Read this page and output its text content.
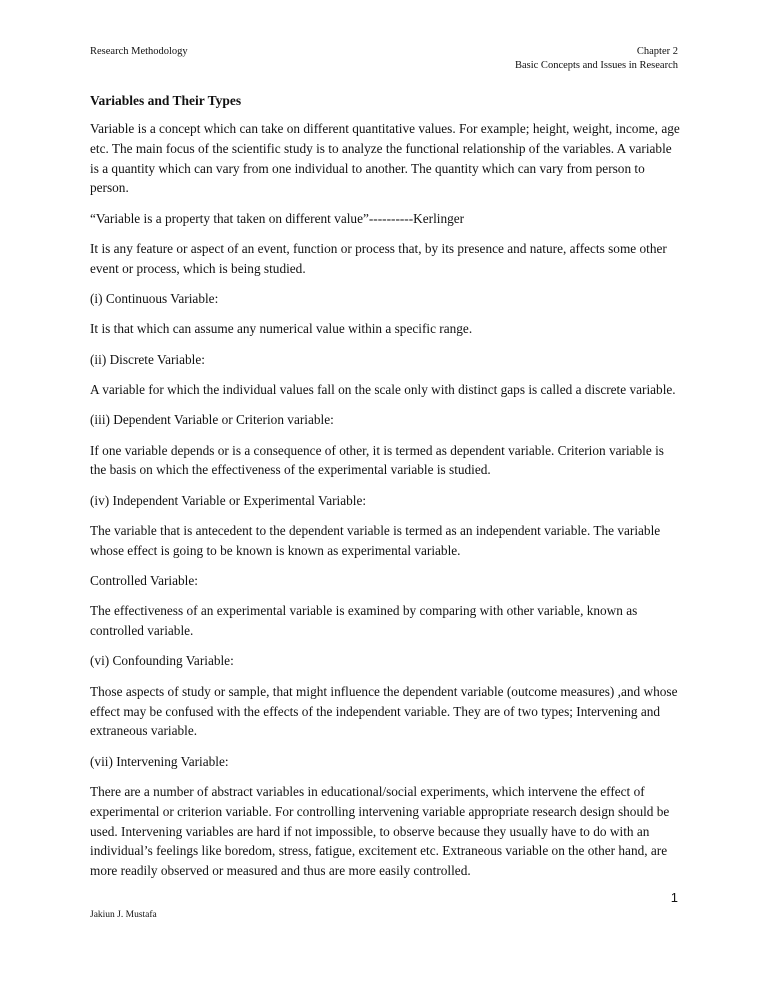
Research Methodology	Chapter 2
Basic Concepts and Issues in Research
Variables and Their Types

Variable is a concept which can take on different quantitative values. For example; height, weight, income, age etc. The main focus of the scientific study is to analyze the functional relationship of the variables. A variable is a quantity which can vary from one individual to another. The quantity which can vary from person to person.

“Variable is a property that taken on different value”----------Kerlinger

It is any feature or aspect of an event, function or process that, by its presence and nature, affects some other event or process, which is being studied.

(i) Continuous Variable:

It is that which can assume any numerical value within a specific range.

(ii) Discrete Variable:

A variable for which the individual values fall on the scale only with distinct gaps is called a discrete variable.

(iii) Dependent Variable or Criterion variable:

If one variable depends or is a consequence of other, it is termed as dependent variable. Criterion variable is the basis on which the effectiveness of the experimental variable is studied.

(iv) Independent Variable or Experimental Variable:

The variable that is antecedent to the dependent variable is termed as an independent variable. The variable whose effect is going to be known is known as experimental variable.

Controlled Variable:

The effectiveness of an experimental variable is examined by comparing with other variable, known as controlled variable.

(vi) Confounding Variable:

Those aspects of study or sample, that might influence the dependent variable (outcome measures) ,and whose effect may be confused with the effects of the independent variable. They are of two types; Intervening and extraneous variable.

(vii) Intervening Variable:

There are a number of abstract variables in educational/social experiments, which intervene the effect of experimental or criterion variable. For controlling intervening variable appropriate research design should be used. Intervening variables are hard if not impossible, to observe because they usually have to do with an individual’s feelings like boredom, stress, fatigue, excitement etc. Extraneous variable on the other hand, are more readily observed or measured and thus are more easily controlled.

1
Jakiun J. Mustafa
